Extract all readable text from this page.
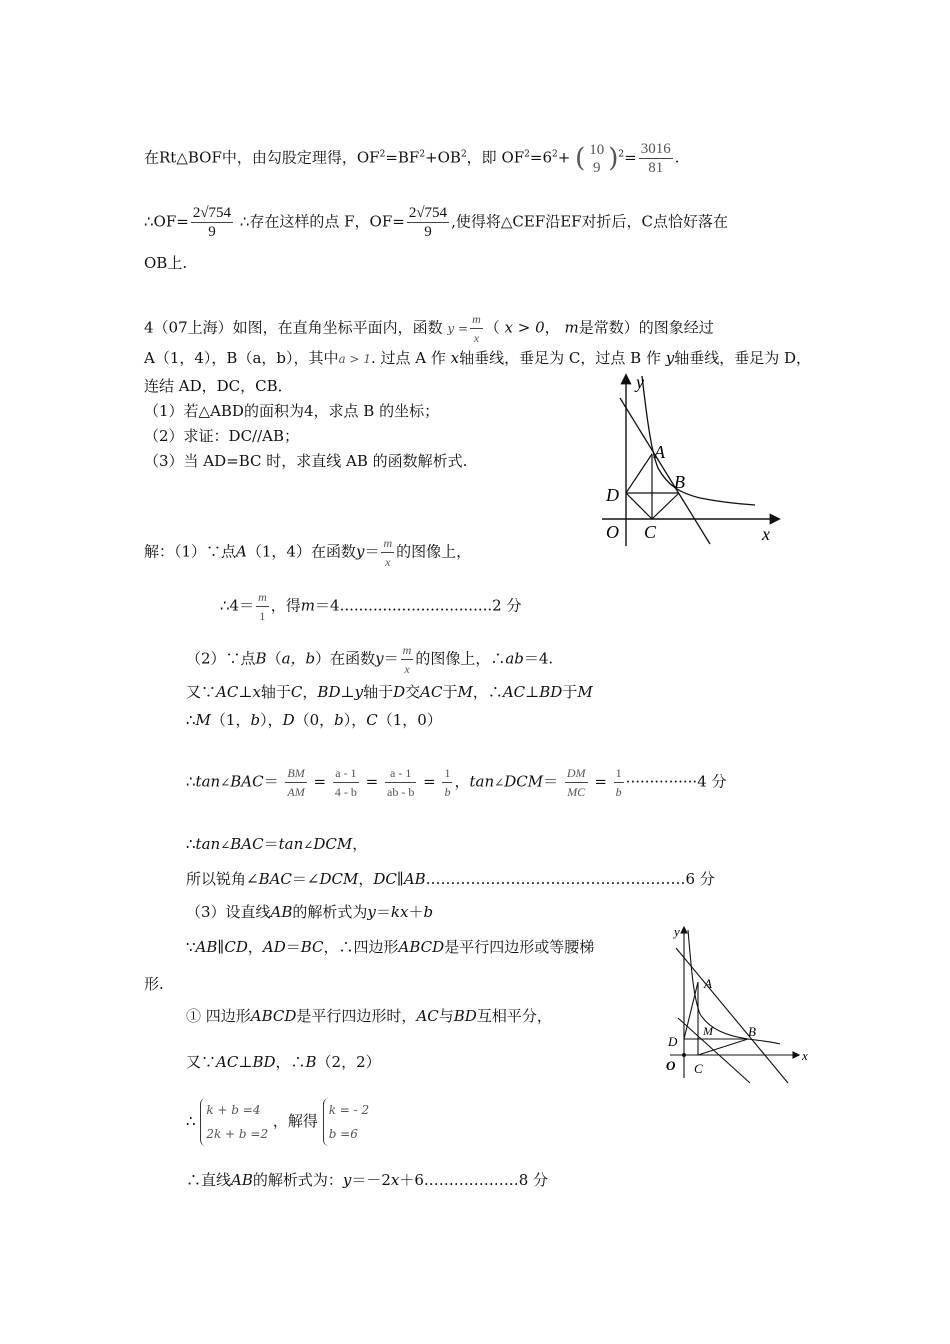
在Rt△BOF中，由勾股定理得，$OF^2=BF^2+OB^2$，即 $OF^2=6^2+$ ( 10
9 )$^2= \frac{3016}{81}$ .
∴OF= $\frac{2√754}{9}$ ∴存在这样的点 F，$OF= \frac{2√754}{9}$ ,使得将△CEF沿EF对折后，C点恰好落在
OB上.
4（07上海）如图，在直角坐标平面内，函数 $y = \frac{m}{x}$ （ x > 0， m是常数）的图象经过
A（1，4），B（a，b），其中a > 1. 过点 A 作 x轴垂线，垂足为 C，过点 B 作 y轴垂线，垂足为 D，
连结 AD，DC，CB．
（1）若△ABD的面积为4，求点 B 的坐标；
（2）求证：DC//AB；
（3）当 AD=BC 时，求直线 AB 的函数解析式.
y
A
B
D
O C	x
解：（1）∵点A（1，4）在函数$y= \frac{m}{x}$ 的图像上，
∴4＝ $\frac{m}{1}$ ，得m＝4................................2 分
（2）∵点B（a，b）在函数$y= \frac{m}{x}$ 的图像上，∴ab＝4.
又∵AC⊥x轴于C，BD⊥y轴于D交AC于M，∴AC⊥BD于M
∴M（1，b），D（0，b），C（1，0）
∴tan∠BAC＝ $\frac{BM}{AM} = \frac{a - 1}{4 - b} = \frac{a - 1}{ab - b} = \frac{1}{b}$ ，tan∠DCM＝ $\frac{DM}{MC} = \frac{1}{b} \cdot\cdot\cdot\cdot\cdot\cdot\cdot\cdot\cdot\cdot\cdot\cdot\cdot\cdot\cdot 4$ 分
∴tan∠BAC＝tan∠DCM，
所以锐角∠BAC＝∠DCM，DC∥AB.……………………………………………6 分
（3）设直线AB的解析式为y＝kx＋b
∵AB∥CD，AD＝BC，∴四边形ABCD是平行四边形或等腰梯
形.
① 四边形ABCD是平行四边形时，AC与BD互相平分，
又∵AC⊥BD，∴B（2，2）
∴
k + b =4
2k + b =2
，解得
k = - 2
b =6
∴直线AB的解析式为：y＝－2x＋6.………………8 分
y
A
M	B
D
O C
x
